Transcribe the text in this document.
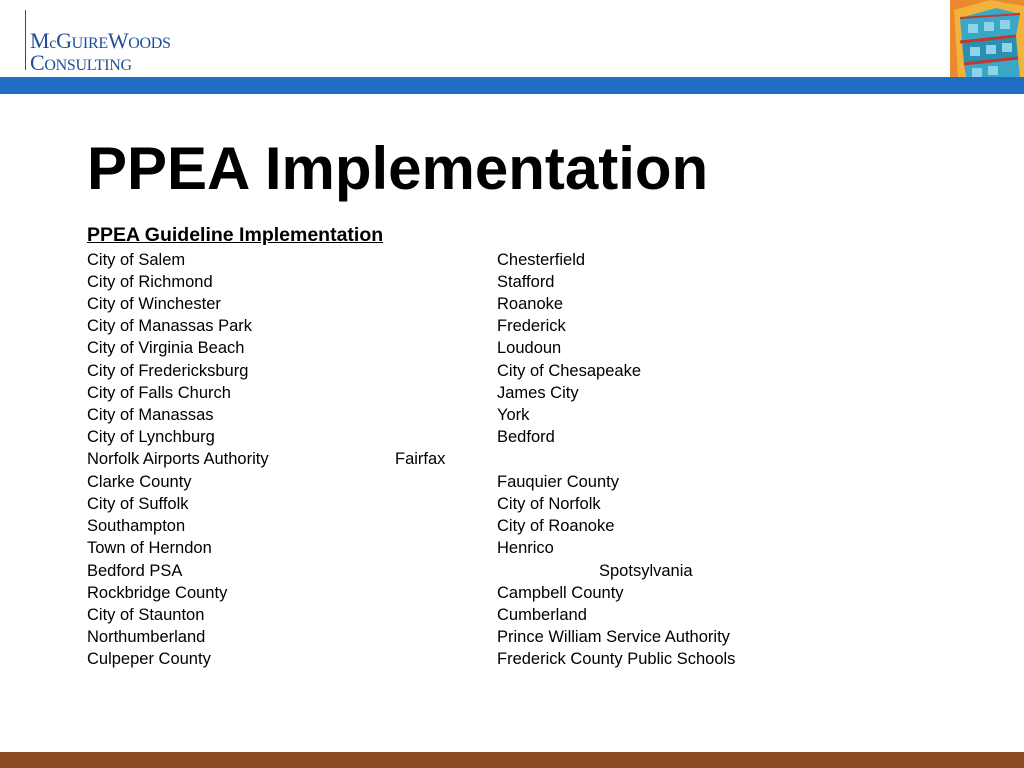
McGUIREWOODS
CONSULTING
PPEA Implementation
PPEA Guideline Implementation
City of Salem	Chesterfield
City of Richmond	Stafford
City of Winchester	Roanoke
City of Manassas Park	Frederick
City of Virginia Beach	Loudoun
City of Fredericksburg	City of Chesapeake
City of Falls Church	James City
City of Manassas	York
City of Lynchburg	Bedford
Norfolk Airports Authority	Fairfax
Clarke County	Fauquier County
City of Suffolk	City of Norfolk
Southampton	City of Roanoke
Town of Herndon	Henrico
Bedford PSA	Spotsylvania
Rockbridge County	Campbell County
City of Staunton	Cumberland
Northumberland	Prince William Service Authority
Culpeper County	Frederick County Public Schools
